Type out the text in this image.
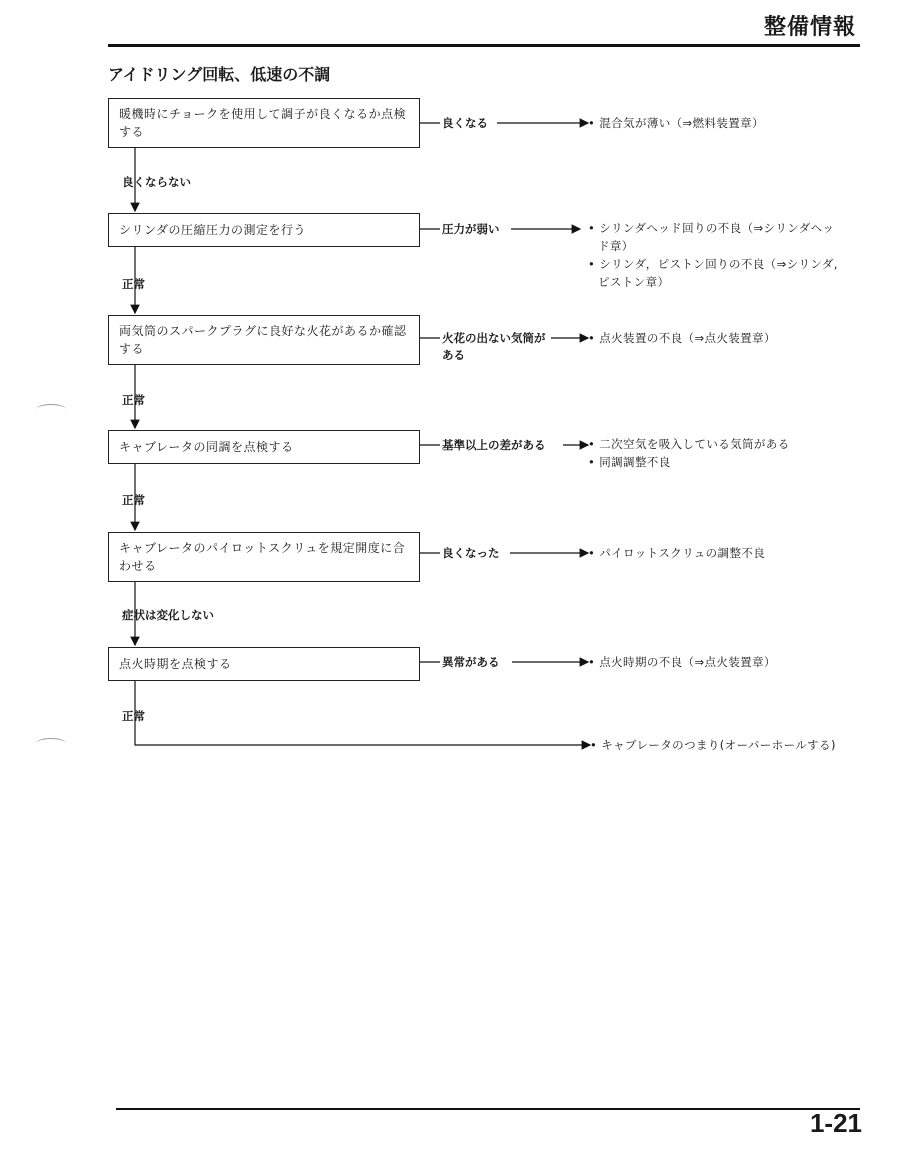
整備情報
アイドリング回転、低速の不調
暖機時にチョークを使用して調子が良くなるか点検する
シリンダの圧縮圧力の測定を行う
両気筒のスパークプラグに良好な火花があるか確認する
キャブレータの同調を点検する
キャブレータのパイロットスクリュを規定開度に合わせる
点火時期を点検する
良くならない
正常
正常
正常
症状は変化しない
正常
良くなる
圧力が弱い
火花の出ない気筒がある
基準以上の差がある
良くなった
異常がある
• 混合気が薄い（⇒燃料装置章）
• シリンダヘッド回りの不良（⇒シリンダヘッ
ド章）
• シリンダ，ピストン回りの不良（⇒シリンダ,
ピストン章）
• 点火装置の不良（⇒点火装置章）
• 二次空気を吸入している気筒がある
• 同調調整不良
• パイロットスクリュの調整不良
• 点火時期の不良（⇒点火装置章）
• キャブレータのつまり(オーバーホールする)
1-21
